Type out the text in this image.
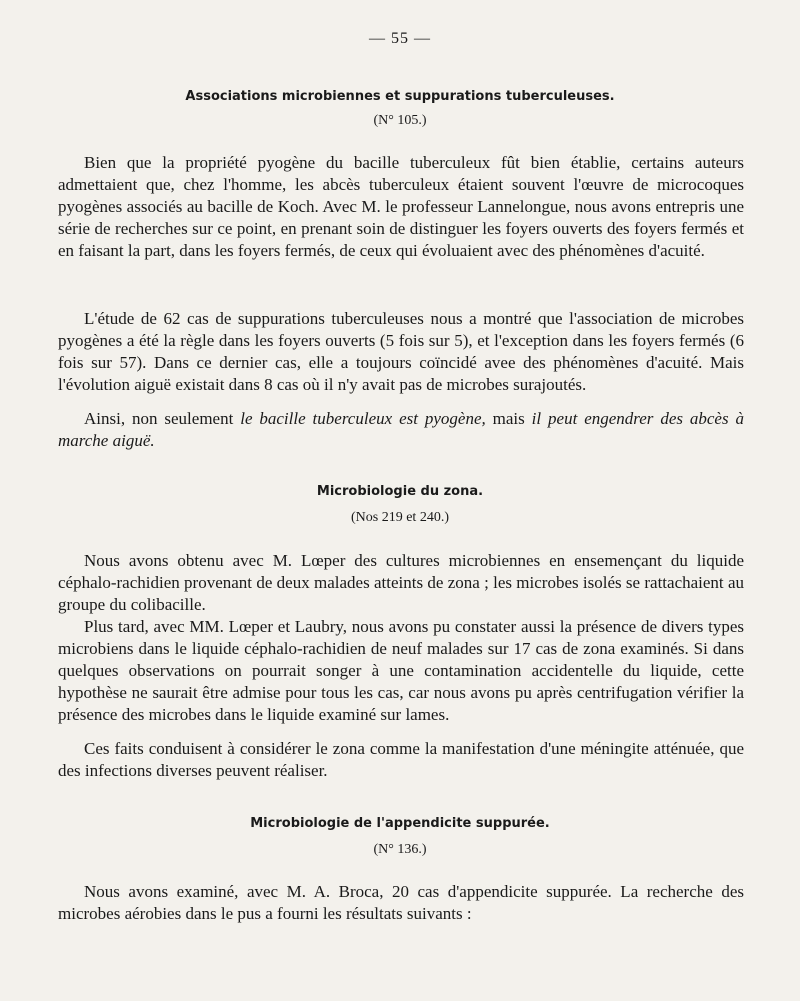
— 55 —
Associations microbiennes et suppurations tuberculeuses.
(N° 105.)

Bien que la propriété pyogène du bacille tuberculeux fût bien établie, certains auteurs admettaient que, chez l'homme, les abcès tuberculeux étaient souvent l'œuvre de microcoques pyogènes associés au bacille de Koch. Avec M. le professeur Lannelongue, nous avons entrepris une série de recherches sur ce point, en prenant soin de distinguer les foyers ouverts des foyers fermés et en faisant la part, dans les foyers fermés, de ceux qui évoluaient avec des phénomènes d'acuité.

L'étude de 62 cas de suppurations tuberculeuses nous a montré que l'association de microbes pyogènes a été la règle dans les foyers ouverts (5 fois sur 5), et l'exception dans les foyers fermés (6 fois sur 57). Dans ce dernier cas, elle a toujours coïncidé avee des phénomènes d'acuité. Mais l'évolution aiguë existait dans 8 cas où il n'y avait pas de microbes surajoutés.

Ainsi, non seulement le bacille tuberculeux est pyogène, mais il peut engendrer des abcès à marche aiguë.

Microbiologie du zona.
(Nos 219 et 240.)

Nous avons obtenu avec M. Lœper des cultures microbiennes en ensemençant du liquide céphalo-rachidien provenant de deux malades atteints de zona ; les microbes isolés se rattachaient au groupe du colibacille.

Plus tard, avec MM. Lœper et Laubry, nous avons pu constater aussi la présence de divers types microbiens dans le liquide céphalo-rachidien de neuf malades sur 17 cas de zona examinés. Si dans quelques observations on pourrait songer à une contamination accidentelle du liquide, cette hypothèse ne saurait être admise pour tous les cas, car nous avons pu après centrifugation vérifier la présence des microbes dans le liquide examiné sur lames.

Ces faits conduisent à considérer le zona comme la manifestation d'une méningite atténuée, que des infections diverses peuvent réaliser.

Microbiologie de l'appendicite suppurée.
(N° 136.)

Nous avons examiné, avec M. A. Broca, 20 cas d'appendicite suppurée. La recherche des microbes aérobies dans le pus a fourni les résultats suivants :
